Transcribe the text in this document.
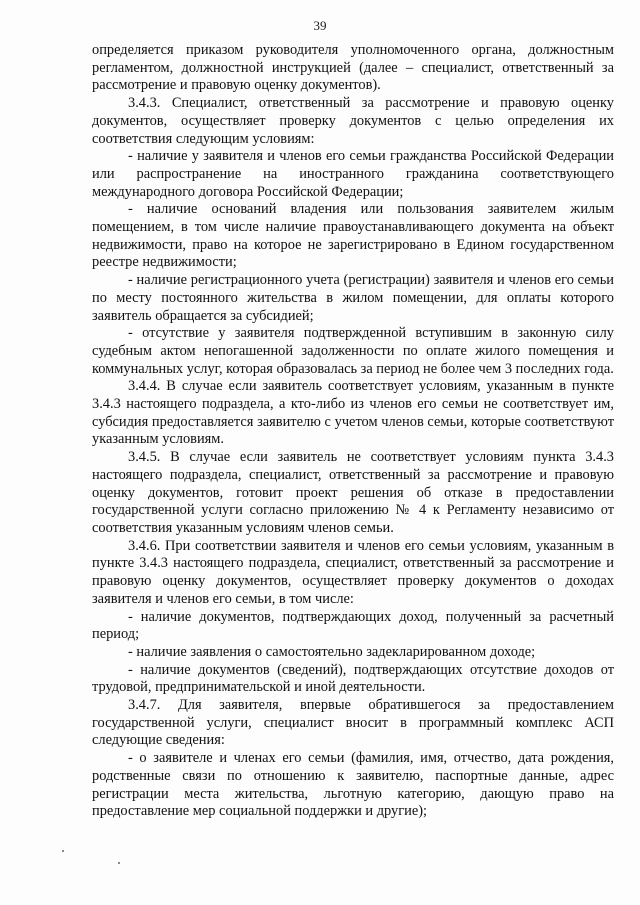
39

определяется приказом руководителя уполномоченного органа, должностным регламентом, должностной инструкцией (далее – специалист, ответственный за рассмотрение и правовую оценку документов).

3.4.3. Специалист, ответственный за рассмотрение и правовую оценку документов, осуществляет проверку документов с целью определения их соответствия следующим условиям:

- наличие у заявителя и членов его семьи гражданства Российской Федерации или распространение на иностранного гражданина соответствующего международного договора Российской Федерации;

- наличие оснований владения или пользования заявителем жилым помещением, в том числе наличие правоустанавливающего документа на объект недвижимости, право на которое не зарегистрировано в Едином государственном реестре недвижимости;

- наличие регистрационного учета (регистрации) заявителя и членов его семьи по месту постоянного жительства в жилом помещении, для оплаты которого заявитель обращается за субсидией;

- отсутствие у заявителя подтвержденной вступившим в законную силу судебным актом непогашенной задолженности по оплате жилого помещения и коммунальных услуг, которая образовалась за период не более чем 3 последних года.

3.4.4. В случае если заявитель соответствует условиям, указанным в пункте 3.4.3 настоящего подраздела, а кто-либо из членов его семьи не соответствует им, субсидия предоставляется заявителю с учетом членов семьи, которые соответствуют указанным условиям.

3.4.5. В случае если заявитель не соответствует условиям пункта 3.4.3 настоящего подраздела, специалист, ответственный за рассмотрение и правовую оценку документов, готовит проект решения об отказе в предоставлении государственной услуги согласно приложению № 4 к Регламенту независимо от соответствия указанным условиям членов семьи.

3.4.6. При соответствии заявителя и членов его семьи условиям, указанным в пункте 3.4.3 настоящего подраздела, специалист, ответственный за рассмотрение и правовую оценку документов, осуществляет проверку документов о доходах заявителя и членов его семьи, в том числе:

- наличие документов, подтверждающих доход, полученный за расчетный период;

- наличие заявления о самостоятельно задекларированном доходе;

- наличие документов (сведений), подтверждающих отсутствие доходов от трудовой, предпринимательской и иной деятельности.

3.4.7. Для заявителя, впервые обратившегося за предоставлением государственной услуги, специалист вносит в программный комплекс АСП следующие сведения:

- о заявителе и членах его семьи (фамилия, имя, отчество, дата рождения, родственные связи по отношению к заявителю, паспортные данные, адрес регистрации места жительства, льготную категорию, дающую право на предоставление мер социальной поддержки и другие);
